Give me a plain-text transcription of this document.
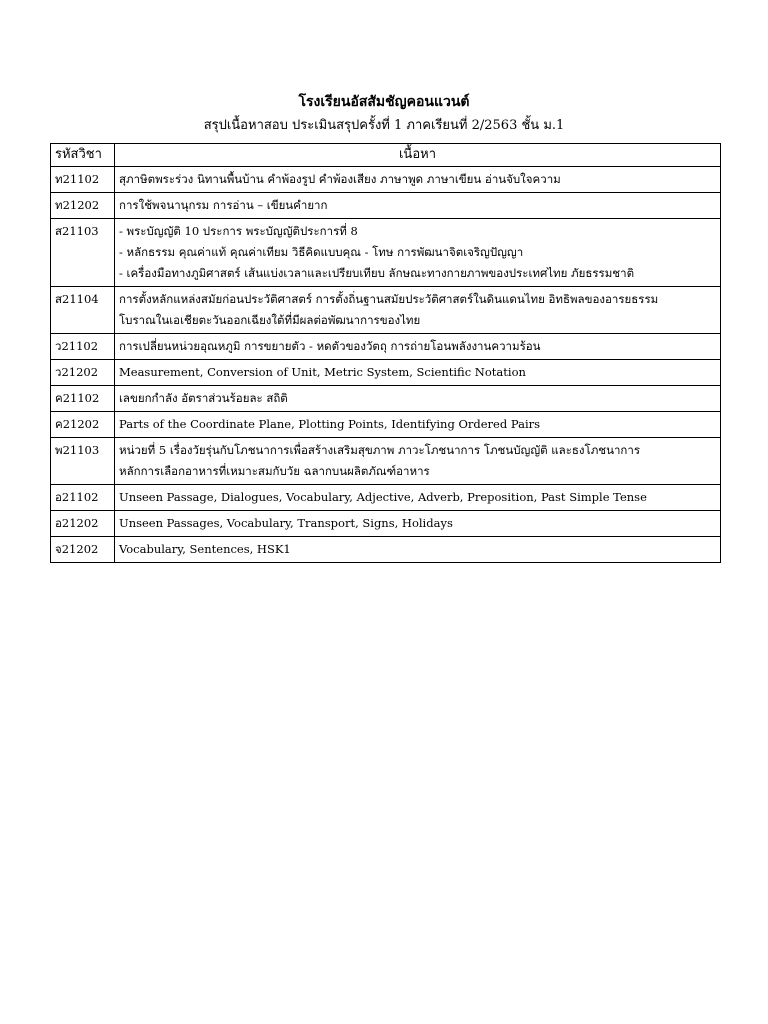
โรงเรียนอัสสัมชัญคอนแวนต์
สรุปเนื้อหาสอบ ประเมินสรุปครั้งที่ 1 ภาคเรียนที่ 2/2563 ชั้น ม.1
รหัสวิชา	เนื้อหา
ท21102	สุภาษิตพระร่วง นิทานพื้นบ้าน คำพ้องรูป คำพ้องเสียง ภาษาพูด ภาษาเขียน อ่านจับใจความ

ท21202	การใช้พจนานุกรม การอ่าน – เขียนคำยาก

ส21103	- พระบัญญัติ 10 ประการ พระบัญญัติประการที่ 8
- หลักธรรม คุณค่าแท้ คุณค่าเทียม วิธีคิดแบบคุณ - โทษ การพัฒนาจิตเจริญปัญญา
- เครื่องมือทางภูมิศาสตร์ เส้นแบ่งเวลาและเปรียบเทียบ ลักษณะทางกายภาพของประเทศไทย ภัยธรรมชาติ

ส21104	การตั้งหลักแหล่งสมัยก่อนประวัติศาสตร์ การตั้งถิ่นฐานสมัยประวัติศาสตร์ในดินแดนไทย อิทธิพลของอารยธรรม
โบราณในเอเชียตะวันออกเฉียงใต้ที่มีผลต่อพัฒนาการของไทย

ว21102	การเปลี่ยนหน่วยอุณหภูมิ การขยายตัว - หดตัวของวัตถุ การถ่ายโอนพลังงานความร้อน

ว21202	Measurement, Conversion of Unit, Metric System, Scientific Notation

ค21102	เลขยกกำลัง อัตราส่วนร้อยละ สถิติ

ค21202	Parts of the Coordinate Plane, Plotting Points, Identifying Ordered Pairs

พ21103	หน่วยที่ 5 เรื่องวัยรุ่นกับโภชนาการเพื่อสร้างเสริมสุขภาพ ภาวะโภชนาการ โภชนบัญญัติ และธงโภชนาการ
หลักการเลือกอาหารที่เหมาะสมกับวัย ฉลากบนผลิตภัณฑ์อาหาร

อ21102	Unseen Passage, Dialogues, Vocabulary, Adjective, Adverb, Preposition, Past Simple Tense

อ21202	Unseen Passages, Vocabulary, Transport, Signs, Holidays

จ21202	Vocabulary, Sentences, HSK1
